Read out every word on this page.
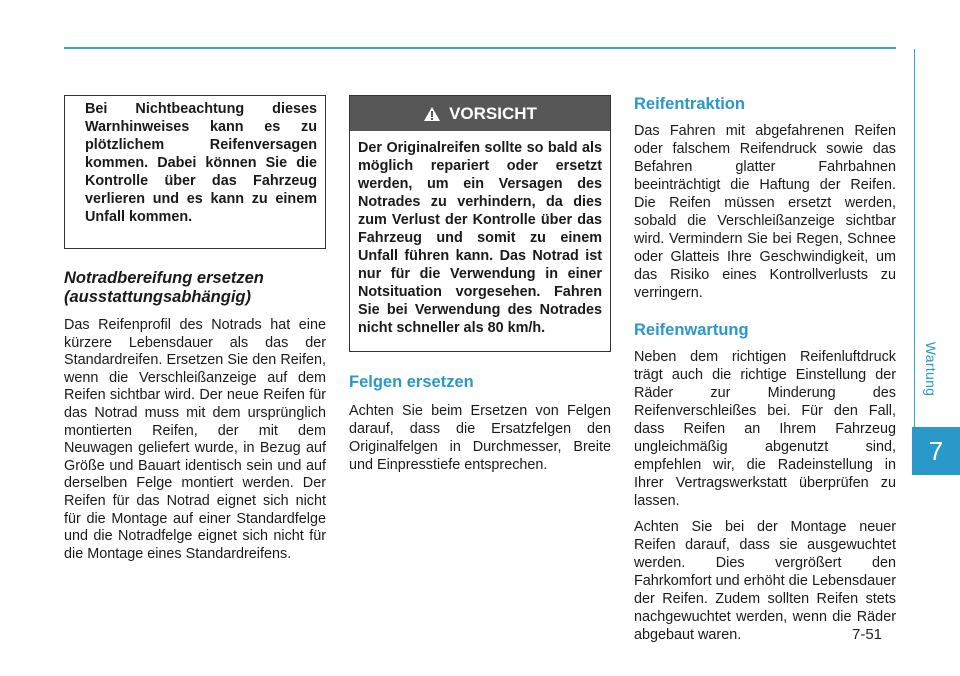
Wartung
7
Bei Nichtbeachtung dieses Warnhinweises kann es zu plötzlichem Reifenversagen kommen. Dabei können Sie die Kontrolle über das Fahrzeug verlieren und es kann zu einem Unfall kommen.

Notradbereifung ersetzen

(ausstattungsabhängig)

Das Reifenprofil des Notrads hat eine kürzere Lebensdauer als das der Standardreifen. Ersetzen Sie den Reifen, wenn die Verschleißanzeige auf dem Reifen sichtbar wird. Der neue Reifen für das Notrad muss mit dem ursprünglich montierten Reifen, der mit dem Neuwagen geliefert wurde, in Bezug auf Größe und Bauart identisch sein und auf derselben Felge montiert werden. Der Reifen für das Notrad eignet sich nicht für die Montage auf einer Standardfelge und die Notradfelge eignet sich nicht für die Montage eines Standardreifens.

VORSICHT
Der Originalreifen sollte so bald als möglich repariert oder ersetzt werden, um ein Versagen des Notrades zu verhindern, da dies zum Verlust der Kontrolle über das Fahrzeug und somit zu einem Unfall führen kann. Das Notrad ist nur für die Verwendung in einer Notsituation vorgesehen. Fahren Sie bei Verwendung des Notrades nicht schneller als 80 km/h.

Felgen ersetzen

Achten Sie beim Ersetzen von Felgen darauf, dass die Ersatzfelgen den Originalfelgen in Durchmesser, Breite und Einpresstiefe entsprechen.

Reifentraktion

Das Fahren mit abgefahrenen Reifen oder falschem Reifendruck sowie das Befahren glatter Fahrbahnen beeinträchtigt die Haftung der Reifen. Die Reifen müssen ersetzt werden, sobald die Verschleißanzeige sichtbar wird. Vermindern Sie bei Regen, Schnee oder Glatteis Ihre Geschwindigkeit, um das Risiko eines Kontrollverlusts zu verringern.

Reifenwartung

Neben dem richtigen Reifenluftdruck trägt auch die richtige Einstellung der Räder zur Minderung des Reifenverschleißes bei. Für den Fall, dass Reifen an Ihrem Fahrzeug ungleichmäßig abgenutzt sind, empfehlen wir, die Radeinstellung in Ihrer Vertragswerkstatt überprüfen zu lassen.

Achten Sie bei der Montage neuer Reifen darauf, dass sie ausgewuchtet werden. Dies vergrößert den Fahrkomfort und erhöht die Lebensdauer der Reifen. Zudem sollten Reifen stets nachgewuchtet werden, wenn die Räder abgebaut waren.	7-51
